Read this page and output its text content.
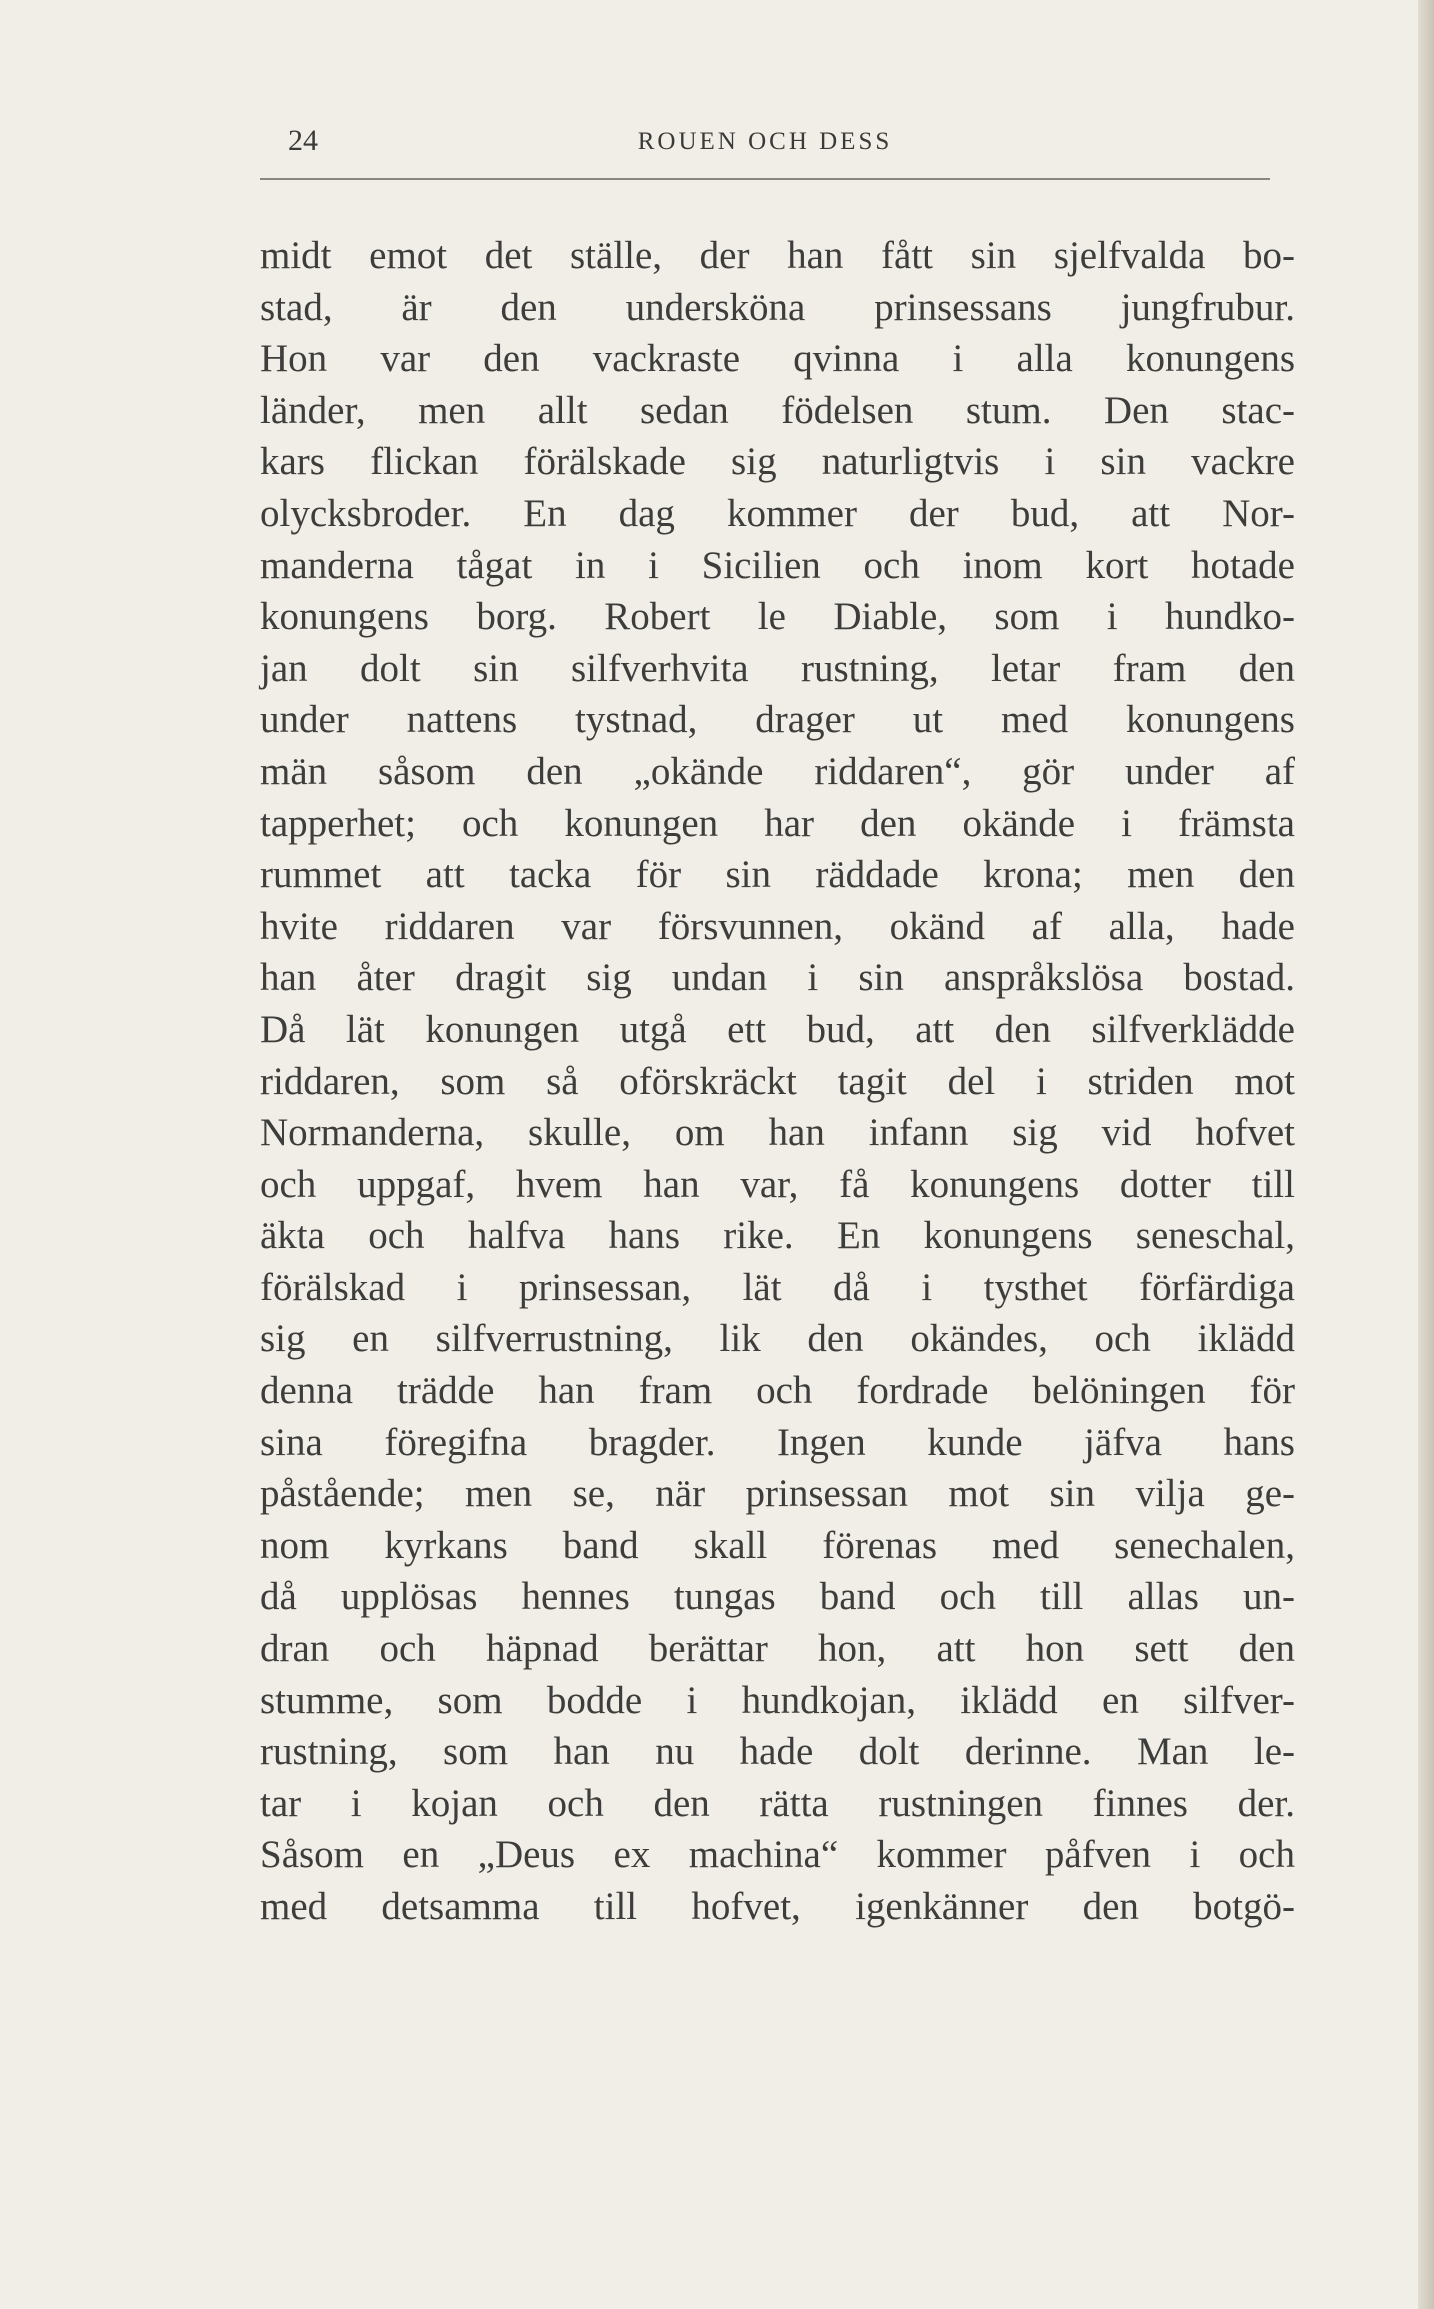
24	ROUEN OCH DESS
midt emot det ställe, der han fått sin sjelfvalda bo-
stad, är den undersköna prinsessans jungfrubur.
Hon var den vackraste qvinna i alla konungens
länder, men allt sedan födelsen stum. Den stac-
kars flickan förälskade sig naturligtvis i sin vackre
olycksbroder. En dag kommer der bud, att Nor-
manderna tågat in i Sicilien och inom kort hotade
konungens borg. Robert le Diable, som i hundko-
jan dolt sin silfverhvita rustning, letar fram den
under nattens tystnad, drager ut med konungens
män såsom den „okände riddaren“, gör under af
tapperhet; och konungen har den okände i främsta
rummet att tacka för sin räddade krona; men den
hvite riddaren var försvunnen, okänd af alla, hade
han åter dragit sig undan i sin anspråkslösa bostad.
Då lät konungen utgå ett bud, att den silfverklädde
riddaren, som så oförskräckt tagit del i striden mot
Normanderna, skulle, om han infann sig vid hofvet
och uppgaf, hvem han var, få konungens dotter till
äkta och halfva hans rike. En konungens seneschal,
förälskad i prinsessan, lät då i tysthet förfärdiga
sig en silfverrustning, lik den okändes, och iklädd
denna trädde han fram och fordrade belöningen för
sina föregifna bragder. Ingen kunde jäfva hans
påstående; men se, när prinsessan mot sin vilja ge-
nom kyrkans band skall förenas med senechalen,
då upplösas hennes tungas band och till allas un-
dran och häpnad berättar hon, att hon sett den
stumme, som bodde i hundkojan, iklädd en silfver-
rustning, som han nu hade dolt derinne. Man le-
tar i kojan och den rätta rustningen finnes der.
Såsom en „Deus ex machina“ kommer påfven i och
med detsamma till hofvet, igenkänner den botgö-
